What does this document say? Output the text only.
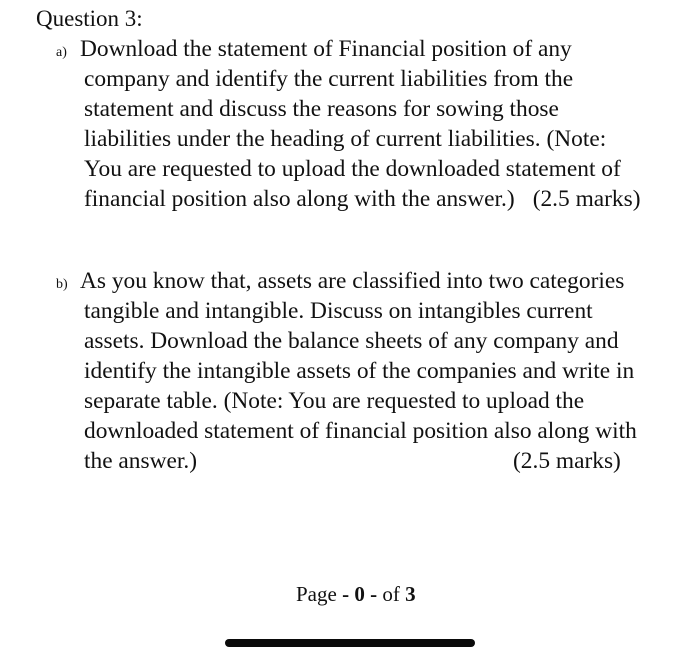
Question 3:
a) Download the statement of Financial position of any
company and identify the current liabilities from the
statement and discuss the reasons for sowing those
liabilities under the heading of current liabilities. (Note:
You are requested to upload the downloaded statement of
financial position also along with the answer.) (2.5 marks)
b) As you know that, assets are classified into two categories
tangible and intangible. Discuss on intangibles current
assets. Download the balance sheets of any company and
identify the intangible assets of the companies and write in
separate table. (Note: You are requested to upload the
downloaded statement of financial position also along with
the answer.)	(2.5 marks)
Page - 0 - of 3
